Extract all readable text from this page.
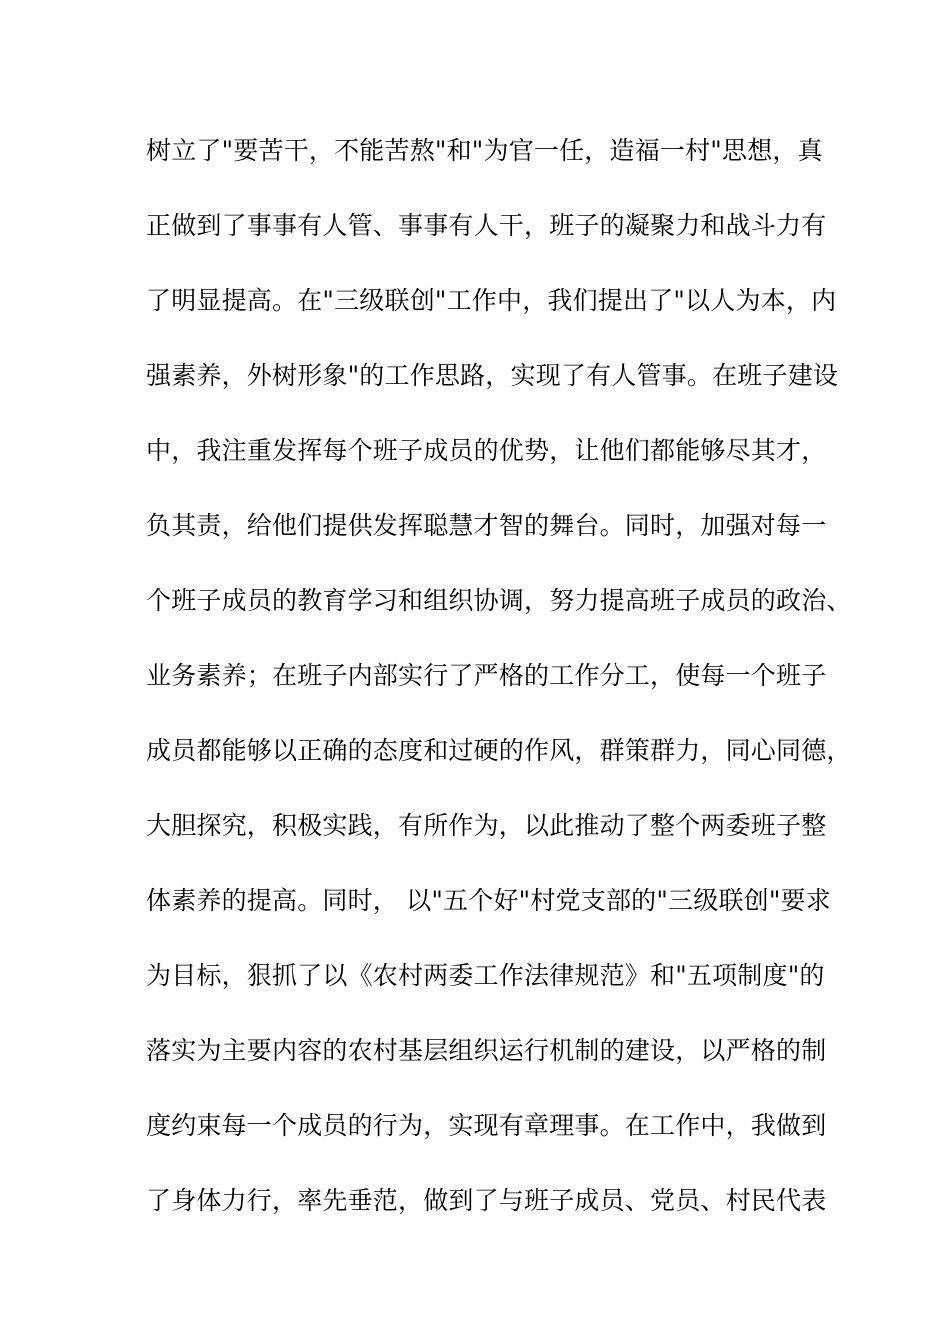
树立了"要苦干，不能苦熬"和"为官一任，造福一村"思想，真
正做到了事事有人管、事事有人干，班子的凝聚力和战斗力有
了明显提高。在"三级联创"工作中，我们提出了"以人为本，内
强素养，外树形象"的工作思路，实现了有人管事。在班子建设
中，我注重发挥每个班子成员的优势，让他们都能够尽其才，
负其责，给他们提供发挥聪慧才智的舞台。同时，加强对每一
个班子成员的教育学习和组织协调，努力提高班子成员的政治、
业务素养；在班子内部实行了严格的工作分工，使每一个班子
成员都能够以正确的态度和过硬的作风，群策群力，同心同德，
大胆探究，积极实践，有所作为，以此推动了整个两委班子整
体素养的提高。同时， 以"五个好"村党支部的"三级联创"要求
为目标，狠抓了以《农村两委工作法律规范》和"五项制度"的
落实为主要内容的农村基层组织运行机制的建设，以严格的制
度约束每一个成员的行为，实现有章理事。在工作中，我做到
了身体力行，率先垂范，做到了与班子成员、党员、村民代表
